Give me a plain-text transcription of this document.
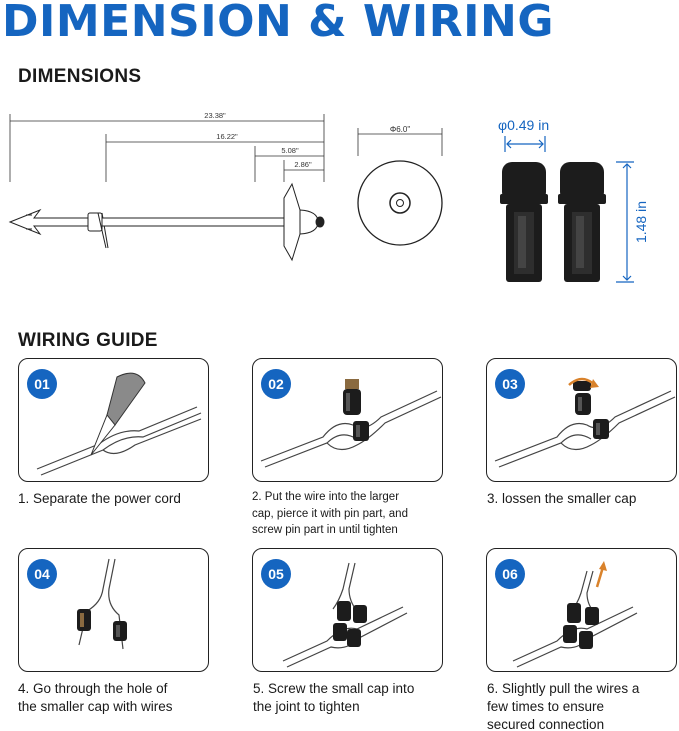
DIMENSION & WIRING
DIMENSIONS
23.38"
16.22"
5.08"
2.86"
Φ6.0"	φ0.49 in
1.48 in
WIRING GUIDE
01
1. Separate the power cord
02
2. Put the wire into the larger
cap, pierce it with pin part, and
screw pin part in until tighten
03
3. lossen the smaller cap
04
4. Go through the hole of
the smaller cap with wires
05
5. Screw the small cap into
the joint to tighten
06
6. Slightly pull the wires a
few times to ensure
secured connection
